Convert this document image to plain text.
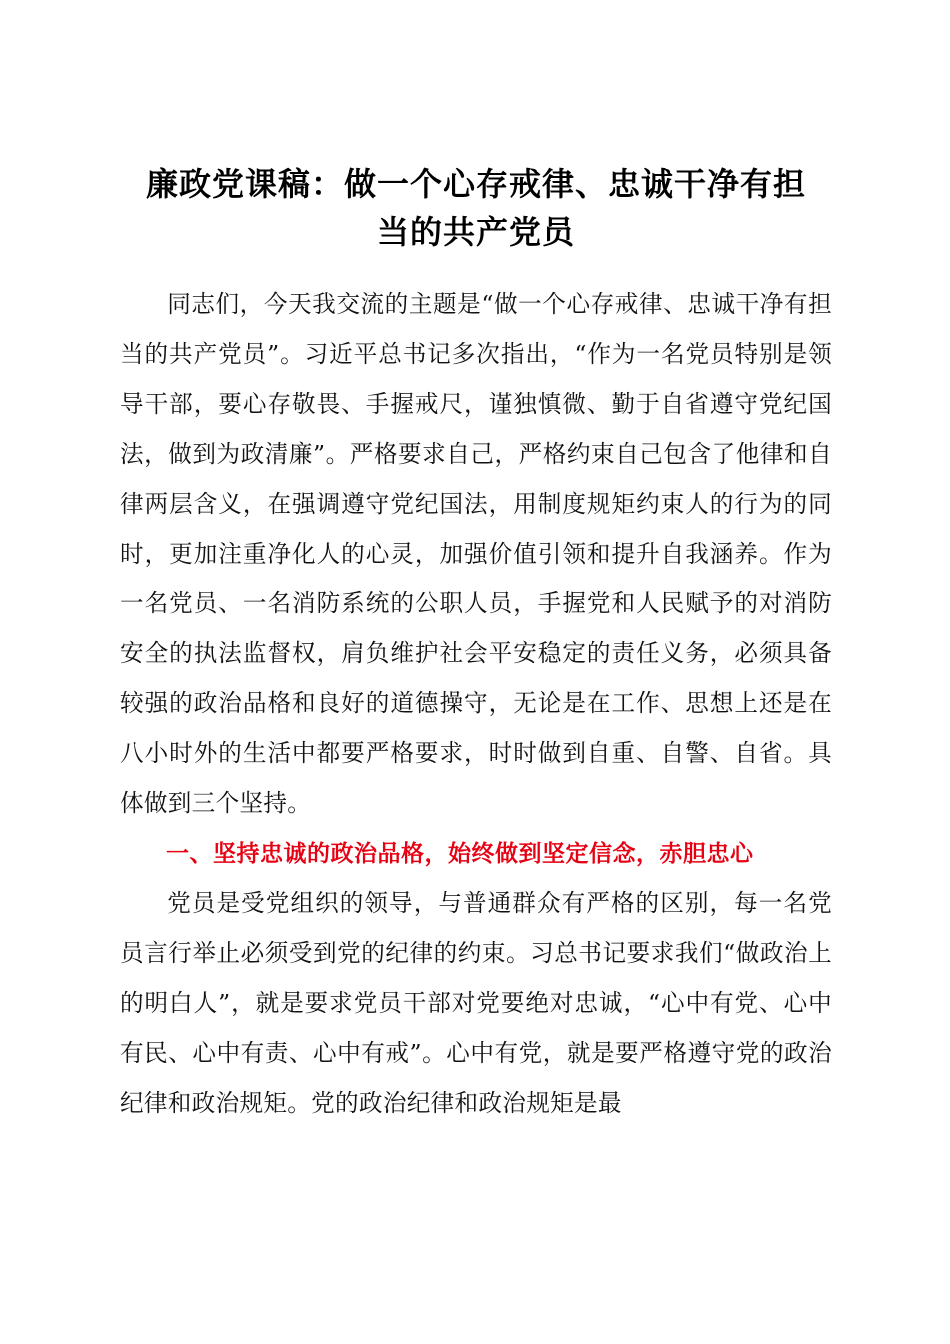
廉政党课稿：做一个心存戒律、忠诚干净有担
当的共产党员

同志们，今天我交流的主题是“做一个心存戒律、忠诚干净有担当的共产党员”。习近平总书记多次指出，“作为一名党员特别是领导干部，要心存敬畏、手握戒尺，谨独慎微、勤于自省遵守党纪国法，做到为政清廉”。严格要求自己，严格约束自己包含了他律和自律两层含义，在强调遵守党纪国法，用制度规矩约束人的行为的同时，更加注重净化人的心灵，加强价值引领和提升自我涵养。作为一名党员、一名消防系统的公职人员，手握党和人民赋予的对消防安全的执法监督权，肩负维护社会平安稳定的责任义务，必须具备较强的政治品格和良好的道德操守，无论是在工作、思想上还是在八小时外的生活中都要严格要求，时时做到自重、自警、自省。具体做到三个坚持。

一、坚持忠诚的政治品格，始终做到坚定信念，赤胆忠心

党员是受党组织的领导，与普通群众有严格的区别，每一名党员言行举止必须受到党的纪律的约束。习总书记要求我们“做政治上的明白人”，就是要求党员干部对党要绝对忠诚，“心中有党、心中有民、心中有责、心中有戒”。心中有党，就是要严格遵守党的政治纪律和政治规矩。党的政治纪律和政治规矩是最
